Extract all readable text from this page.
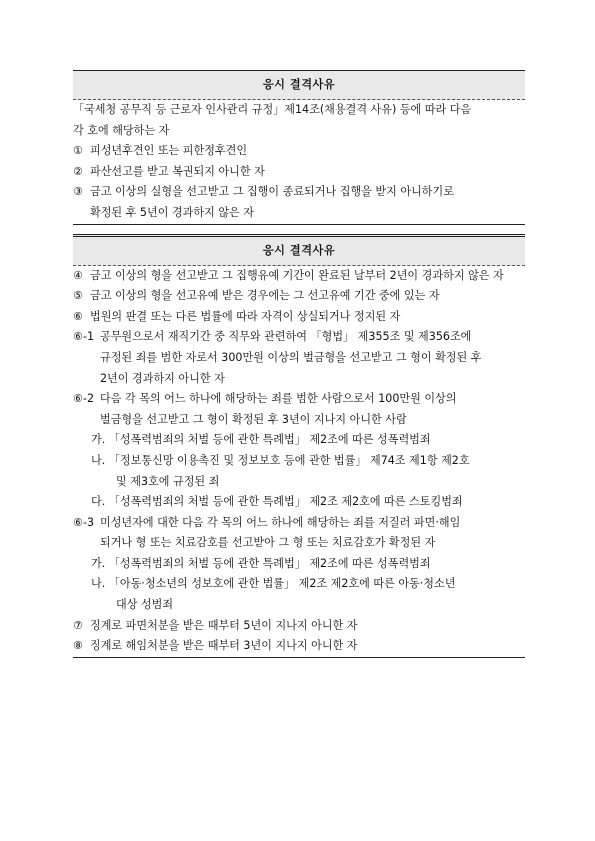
응시 결격사유
「국세청 공무직 등 근로자 인사관리 규정」제14조(채용결격 사유) 등에 따라 다음
각 호에 해당하는 자
① 피성년후견인 또는 피한정후견인
② 파산선고를 받고 복권되지 아니한 자
③ 금고 이상의 실형을 선고받고 그 집행이 종료되거나 집행을 받지 아니하기로
확정된 후 5년이 경과하지 않은 자
응시 결격사유
④ 금고 이상의 형을 선고받고 그 집행유예 기간이 완료된 날부터 2년이 경과하지 않은 자
⑤ 금고 이상의 형을 선고유예 받은 경우에는 그 선고유예 기간 중에 있는 자
⑥ 법원의 판결 또는 다른 법률에 따라 자격이 상실되거나 정지된 자
⑥-1 공무원으로서 재직기간 중 직무와 관련하여 「형법」 제355조 및 제356조에
규정된 죄를 범한 자로서 300만원 이상의 벌금형을 선고받고 그 형이 확정된 후
2년이 경과하지 아니한 자
⑥-2 다음 각 목의 어느 하나에 해당하는 죄를 범한 사람으로서 100만원 이상의
벌금형을 선고받고 그 형이 확정된 후 3년이 지나지 아니한 사람
가. 「성폭력범죄의 처벌 등에 관한 특례법」 제2조에 따른 성폭력범죄
나. 「정보통신망 이용촉진 및 정보보호 등에 관한 법률」 제74조 제1항 제2호
및 제3호에 규정된 죄
다. 「성폭력범죄의 처벌 등에 관한 특례법」 제2조 제2호에 따른 스토킹범죄
⑥-3 미성년자에 대한 다음 각 목의 어느 하나에 해당하는 죄를 저질러 파면·해임
되거나 형 또는 치료감호를 선고받아 그 형 또는 치료감호가 확정된 자
가. 「성폭력범죄의 처벌 등에 관한 특례법」 제2조에 따른 성폭력범죄
나. 「아동·청소년의 성보호에 관한 법률」 제2조 제2호에 따른 아동·청소년
대상 성범죄
⑦ 징계로 파면처분을 받은 때부터 5년이 지나지 아니한 자
⑧ 징계로 해임처분을 받은 때부터 3년이 지나지 아니한 자
